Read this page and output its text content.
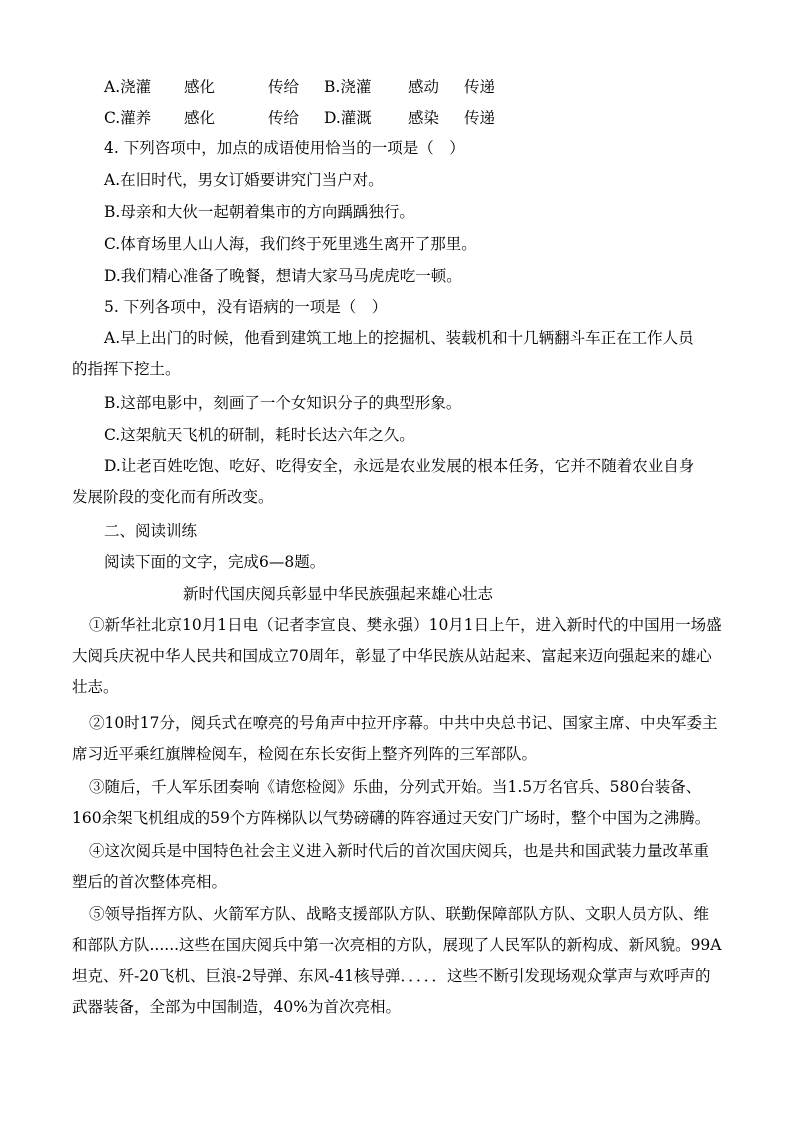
A.浇灌 感化	传给 B.浇灌 感动 传递
C.灌养 感化	传给 D.灌溉 感染 传递
4. 下列咨项中，加点的成语使用恰当的一项是（　）
A.在旧时代，男女订婚要讲究门当户对。
B.母亲和大伙一起朝着集市的方向踽踽独行。
C.体育场里人山人海，我们终于死里逃生离开了那里。
D.我们精心准备了晚餐，想请大家马马虎虎吃一顿。
5. 下列各项中，没有语病的一项是（　）
A.早上出门的时候，他看到建筑工地上的挖掘机、装载机和十几辆翻斗车正在工作人员的指挥下挖土。
B.这部电影中，刻画了一个女知识分子的典型形象。
C.这架航天飞机的研制，耗时长达六年之久。
D.让老百姓吃饱、吃好、吃得安全，永远是农业发展的根本任务，它并不随着农业自身发展阶段的变化而有所改变。
二、阅读训练
阅读下面的文字，完成6—8题。
新时代国庆阅兵彰显中华民族强起来雄心壮志
①新华社北京10月1日电（记者李宣良、樊永强）10月1日上午，进入新时代的中国用一场盛大阅兵庆祝中华人民共和国成立70周年，彰显了中华民族从站起来、富起来迈向强起来的雄心壮志。
②10时17分，阅兵式在嘹亮的号角声中拉开序幕。中共中央总书记、国家主席、中央军委主席习近平乘红旗牌检阅车，检阅在东长安街上整齐列阵的三军部队。
③随后，千人军乐团奏响《请您检阅》乐曲，分列式开始。当1.5万名官兵、580台装备、160余架飞机组成的59个方阵梯队以气势磅礴的阵容通过天安门广场时，整个中国为之沸腾。
④这次阅兵是中国特色社会主义进入新时代后的首次国庆阅兵，也是共和国武装力量改革重塑后的首次整体亮相。
⑤领导指挥方队、火箭军方队、战略支援部队方队、联勤保障部队方队、文职人员方队、维和部队方队......这些在国庆阅兵中第一次亮相的方队，展现了人民军队的新构成、新风貌。99A坦克、歼-20飞机、巨浪-2导弹、东风-41核导弹．．．．．这些不断引发现场观众掌声与欢呼声的武器装备，全部为中国制造，40%为首次亮相。
